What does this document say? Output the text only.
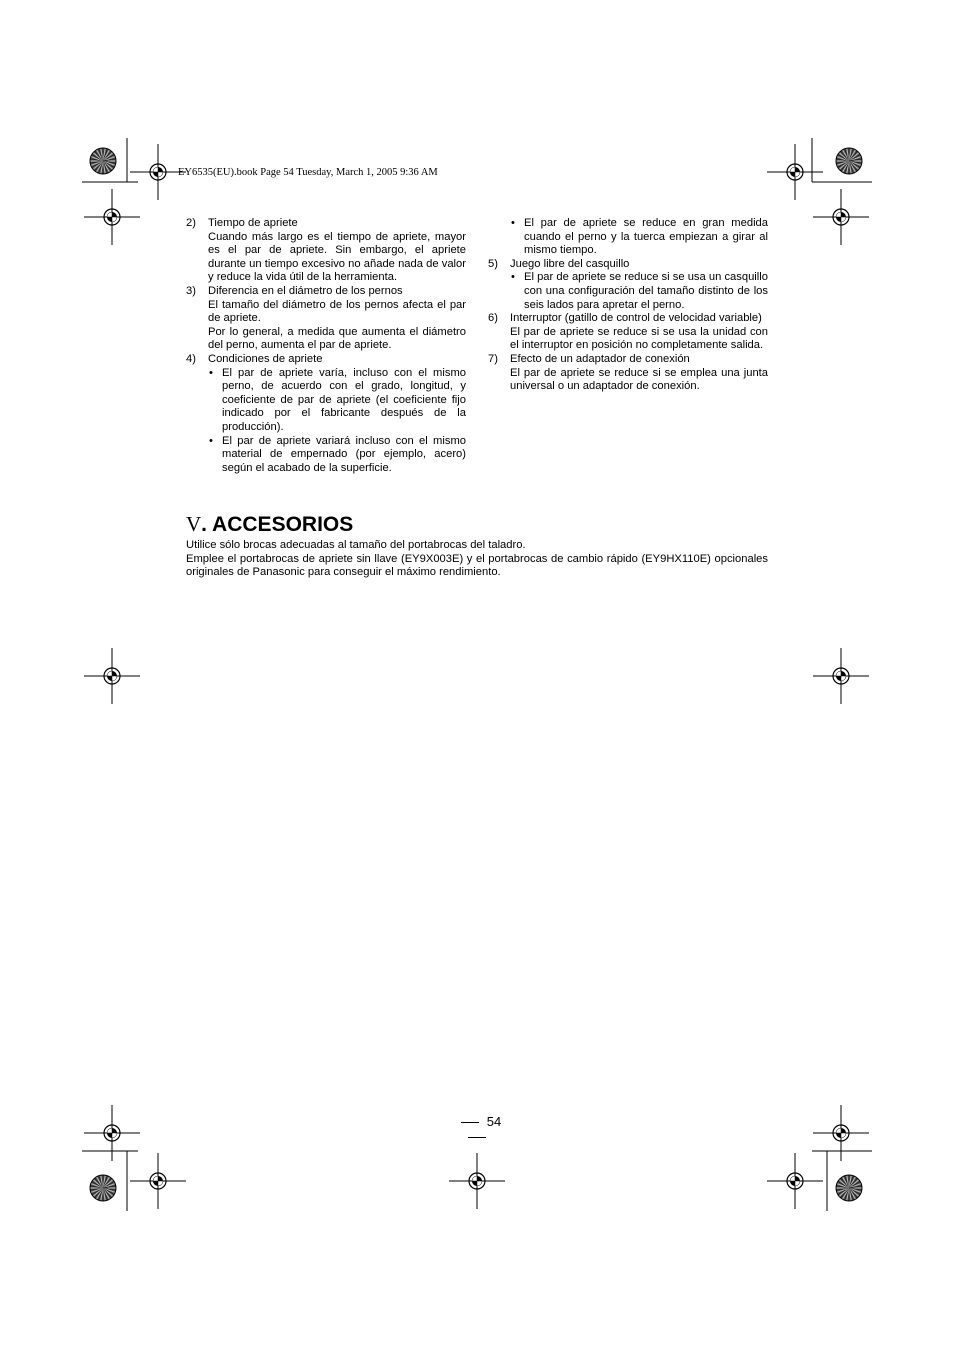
EY6535(EU).book Page 54 Tuesday, March 1, 2005 9:36 AM
2) Tiempo de apriete
Cuando más largo es el tiempo de apriete, mayor es el par de apriete. Sin embargo, el apriete durante un tiempo excesivo no añade nada de valor y reduce la vida útil de la herramienta.
3) Diferencia en el diámetro de los pernos
El tamaño del diámetro de los pernos afecta el par de apriete.
Por lo general, a medida que aumenta el diámetro del perno, aumenta el par de apriete.
4) Condiciones de apriete
• El par de apriete varía, incluso con el mismo perno, de acuerdo con el grado, longitud, y coeficiente de par de apriete (el coeficiente fijo indicado por el fabricante después de la producción).
• El par de apriete variará incluso con el mismo material de empernado (por ejemplo, acero) según el acabado de la superficie.
• El par de apriete se reduce en gran medida cuando el perno y la tuerca empiezan a girar al mismo tiempo.
5) Juego libre del casquillo
• El par de apriete se reduce si se usa un casquillo con una configuración del tamaño distinto de los seis lados para apretar el perno.
6) Interruptor (gatillo de control de velocidad variable)
El par de apriete se reduce si se usa la unidad con el interruptor en posición no completamente salida.
7) Efecto de un adaptador de conexión
El par de apriete se reduce si se emplea una junta universal o un adaptador de conexión.
V. ACCESORIOS
Utilice sólo brocas adecuadas al tamaño del portabrocas del taladro.
Emplee el portabrocas de apriete sin llave (EY9X003E) y el portabrocas de cambio rápido (EY9HX110E) opcionales originales de Panasonic para conseguir el máximo rendimiento.
54
